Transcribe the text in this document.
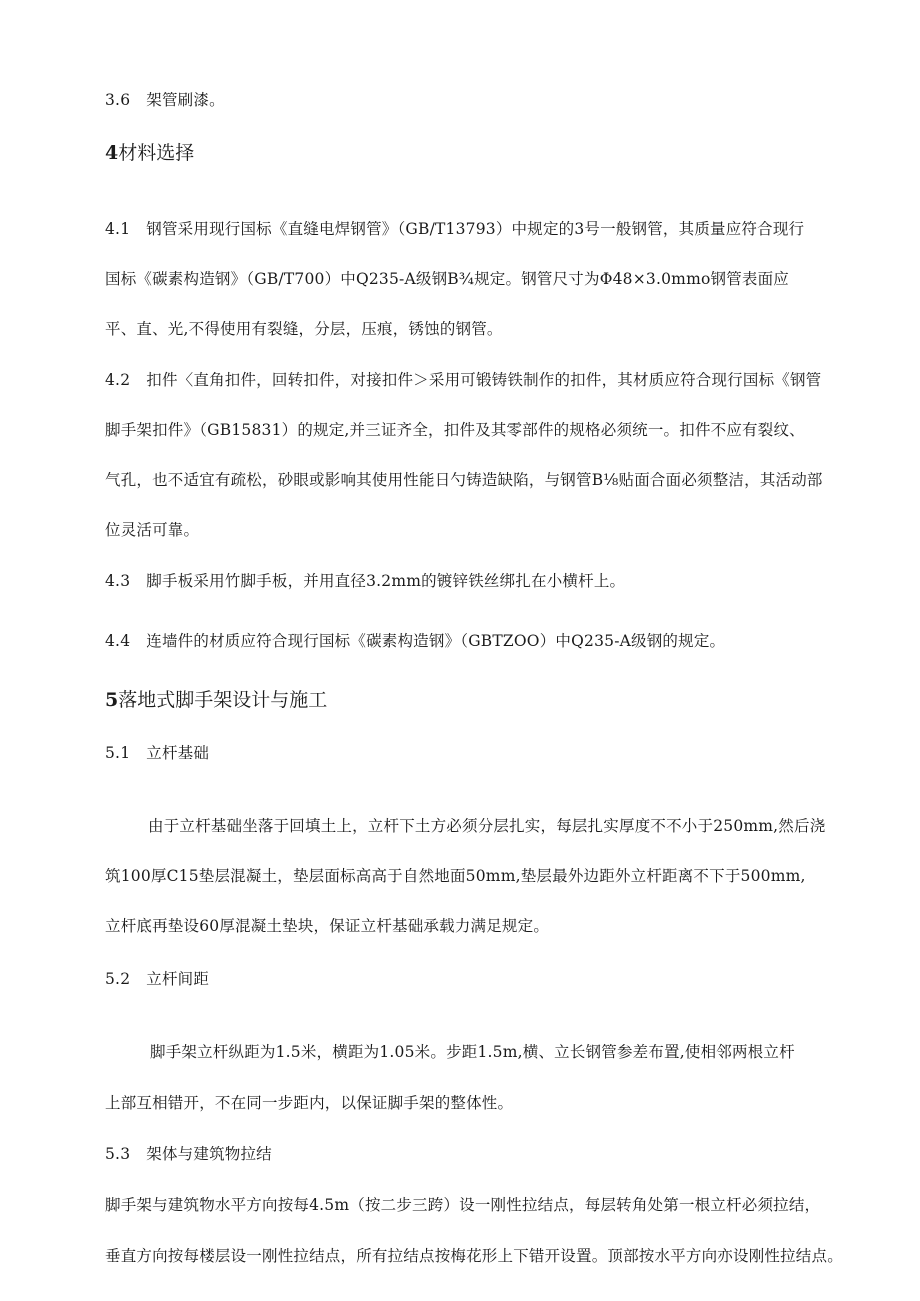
3.6 架管刷漆。
4材料选择
4.1 钢管采用现行国标《直缝电焊钢管》（GB/T13793）中规定的3号一般钢管，其质量应符合现行
国标《碳素构造钢》（GB/T700）中Q235-A级钢B¾规定。钢管尺寸为Φ48×3.0mmo钢管表面应
平、直、光,不得使用有裂缝，分层，压痕，锈蚀的钢管。
4.2 扣件〈直角扣件，回转扣件，对接扣件＞采用可锻铸铁制作的扣件，其材质应符合现行国标《钢管
脚手架扣件》（GB15831）的规定,并三证齐全，扣件及其零部件的规格必须统一。扣件不应有裂纹、
气孔，也不适宜有疏松，砂眼或影响其使用性能日勺铸造缺陷，与钢管B⅛贴面合面必须整洁，其活动部
位灵活可靠。
4.3 脚手板采用竹脚手板，并用直径3.2mm的镀锌铁丝绑扎在小横杆上。
4.4 连墙件的材质应符合现行国标《碳素构造钢》（GBTZOO）中Q235-A级钢的规定。
5落地式脚手架设计与施工
5.1 立杆基础
由于立杆基础坐落于回填土上，立杆下土方必须分层扎实，每层扎实厚度不不小于250mm,然后浇
筑100厚C15垫层混凝土，垫层面标高高于自然地面50mm,垫层最外边距外立杆距离不下于500mm,
立杆底再垫设60厚混凝土垫块，保证立杆基础承载力满足规定。
5.2 立杆间距
脚手架立杆纵距为1.5米，横距为1.05米。步距1.5m,横、立长钢管参差布置,使相邻两根立杆
上部互相错开，不在同一步距内，以保证脚手架的整体性。
5.3 架体与建筑物拉结
脚手架与建筑物水平方向按每4.5m（按二步三跨）设一刚性拉结点，每层转角处第一根立杆必须拉结，
垂直方向按每楼层设一刚性拉结点，所有拉结点按梅花形上下错开设置。顶部按水平方向亦设刚性拉结点。
